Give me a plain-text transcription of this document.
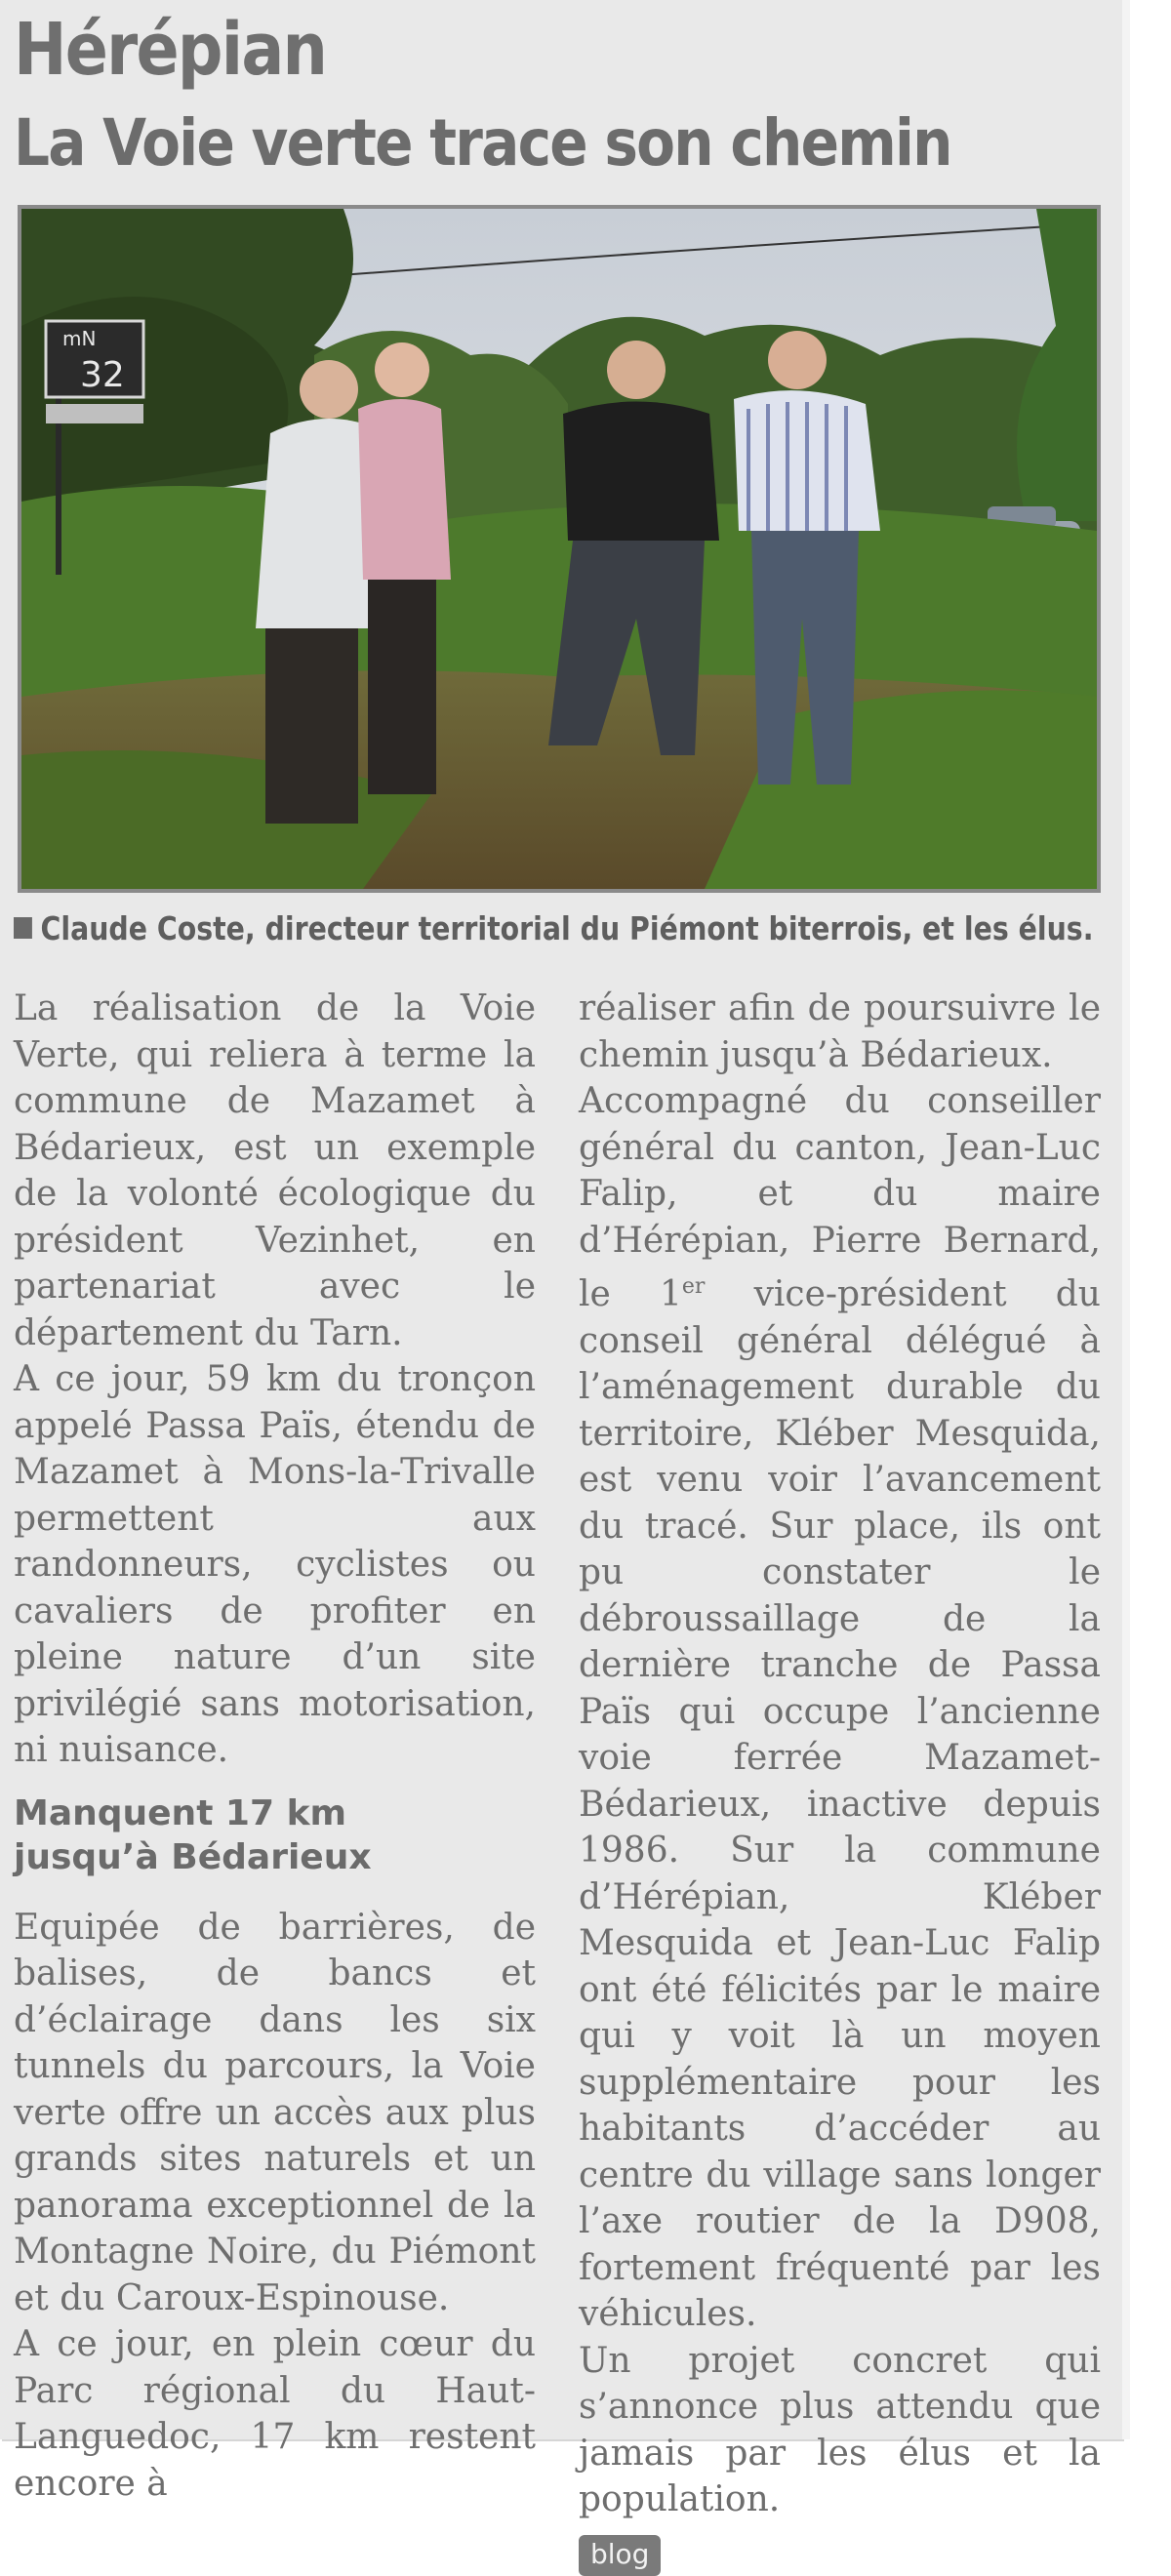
Hérépian
La Voie verte trace son chemin
mN
32
Claude Coste, directeur territorial du Piémont biterrois, et les élus.

La réalisation de la Voie Verte, qui reliera à terme la commune de Mazamet à Bédarieux, est un exemple de la volonté écologique du président Vezinhet, en partenariat avec le département du Tarn.

A ce jour, 59 km du tronçon appelé Passa Païs, étendu de Mazamet à Mons-la-Trivalle permettent aux randonneurs, cyclistes ou cavaliers de profiter en pleine nature d’un site privilégié sans motorisation, ni nuisance.

Manquent 17 km
jusqu’à Bédarieux

Equipée de barrières, de balises, de bancs et d’éclairage dans les six tunnels du parcours, la Voie verte offre un accès aux plus grands sites naturels et un panorama exceptionnel de la Montagne Noire, du Piémont et du Caroux-Espinouse.

A ce jour, en plein cœur du Parc régional du Haut-Languedoc, 17 km restent encore à

réaliser afin de poursuivre le chemin jusqu’à Bédarieux.

Accompagné du conseiller général du canton, Jean-Luc Falip, et du maire d’Hérépian, Pierre Bernard, le 1er vice-président du conseil général délégué à l’aménagement durable du territoire, Kléber Mesquida, est venu voir l’avancement du tracé. Sur place, ils ont pu constater le débroussaillage de la dernière tranche de Passa Païs qui occupe l’ancienne voie ferrée Mazamet-Bédarieux, inactive depuis 1986. Sur la commune d’Hérépian, Kléber Mesquida et Jean-Luc Falip ont été félicités par le maire qui y voit là un moyen supplémentaire pour les habitants d’accéder au centre du village sans longer l’axe routier de la D908, fortement fréquenté par les véhicules.

Un projet concret qui s’annonce plus attendu que jamais par les élus et la population.

blog
